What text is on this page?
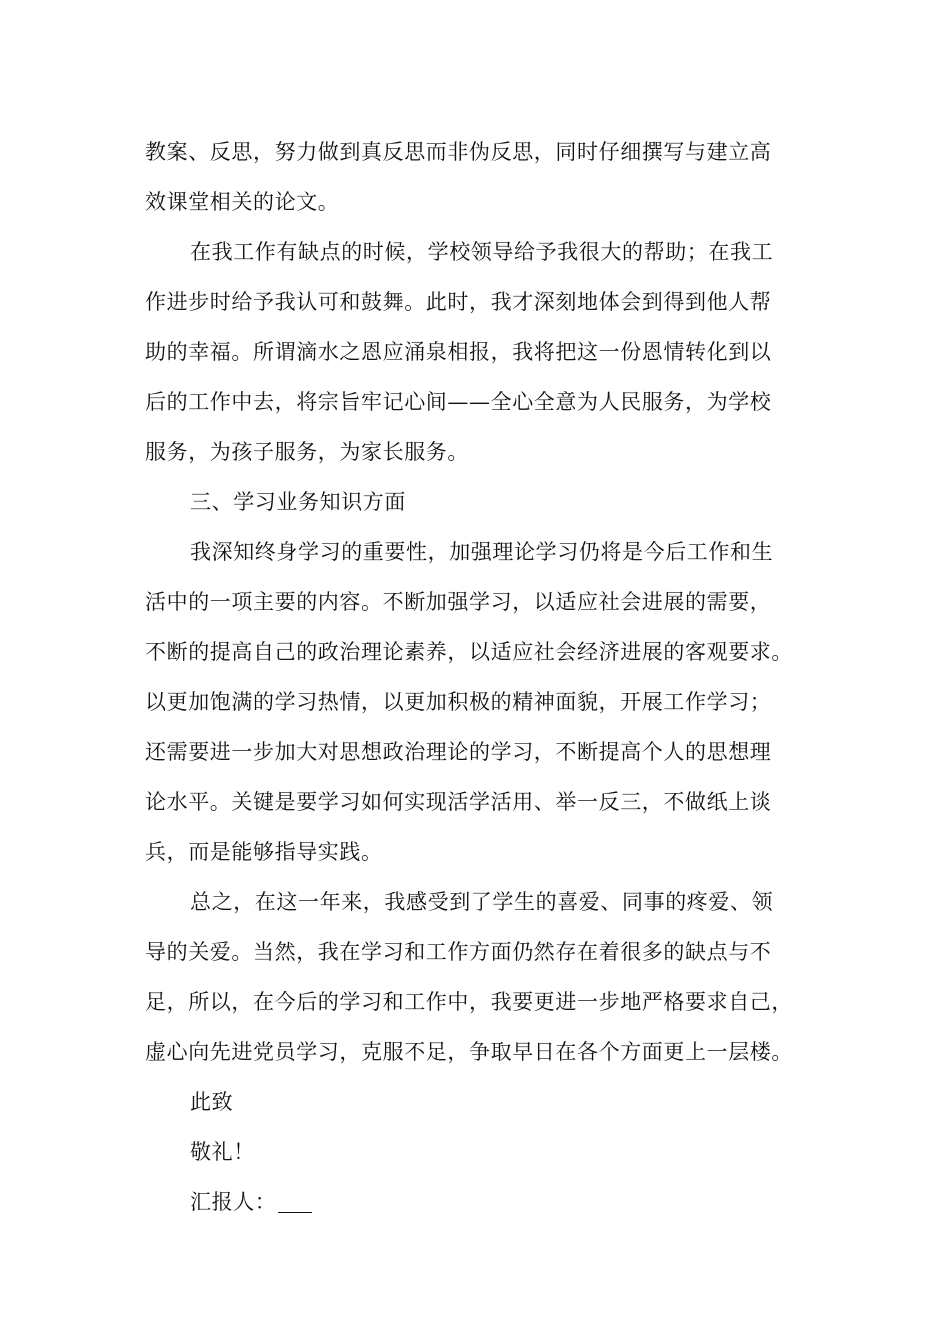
教案、反思，努力做到真反思而非伪反思，同时仔细撰写与建立高
效课堂相关的论文。
在我工作有缺点的时候，学校领导给予我很大的帮助；在我工
作进步时给予我认可和鼓舞。此时，我才深刻地体会到得到他人帮
助的幸福。所谓滴水之恩应涌泉相报，我将把这一份恩情转化到以
后的工作中去，将宗旨牢记心间——全心全意为人民服务，为学校
服务，为孩子服务，为家长服务。
三、学习业务知识方面
我深知终身学习的重要性，加强理论学习仍将是今后工作和生
活中的一项主要的内容。不断加强学习，以适应社会进展的需要，
不断的提高自己的政治理论素养，以适应社会经济进展的客观要求。
以更加饱满的学习热情，以更加积极的精神面貌，开展工作学习；
还需要进一步加大对思想政治理论的学习，不断提高个人的思想理
论水平。关键是要学习如何实现活学活用、举一反三，不做纸上谈
兵，而是能够指导实践。
总之，在这一年来，我感受到了学生的喜爱、同事的疼爱、领
导的关爱。当然，我在学习和工作方面仍然存在着很多的缺点与不
足，所以，在今后的学习和工作中，我要更进一步地严格要求自己，
虚心向先进党员学习，克服不足，争取早日在各个方面更上一层楼。
此致
敬礼！
汇报人：
